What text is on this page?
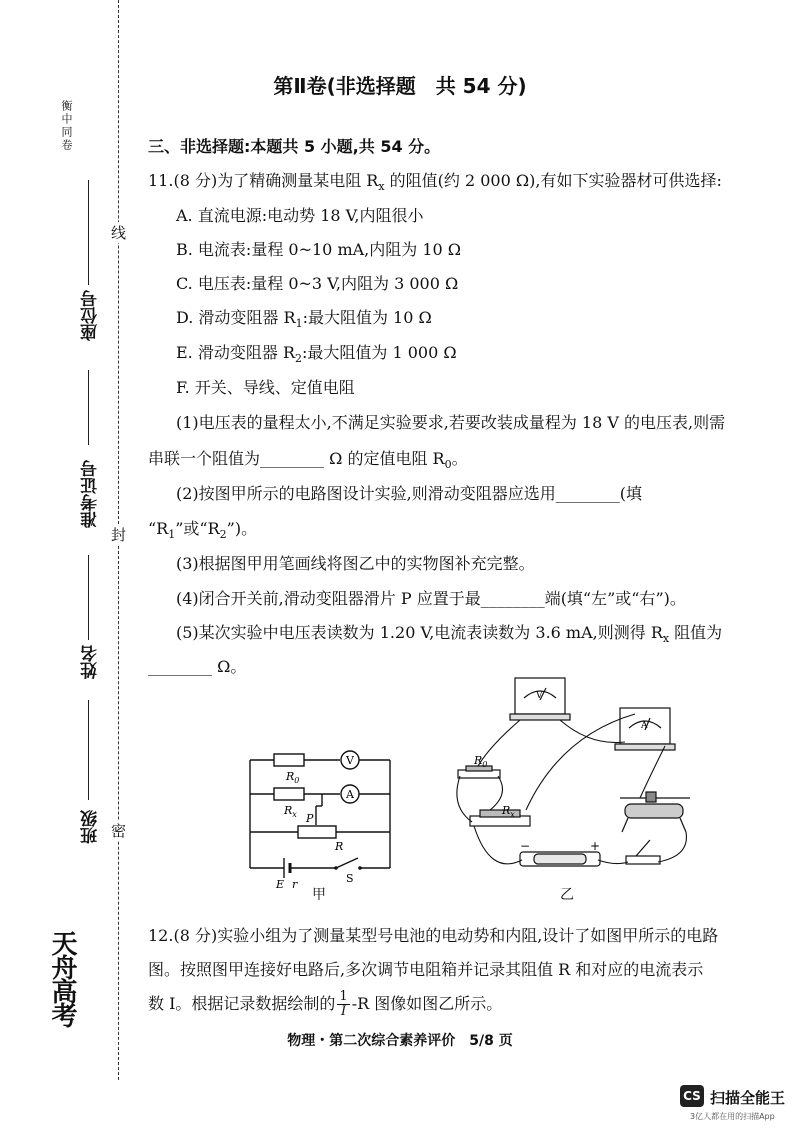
衡中同卷
线
封
密
座位号
准考证号
姓名
班级
天舟高考
第Ⅱ卷(非选择题　共 54 分)
三、非选择题:本题共 5 小题,共 54 分。
11.(8 分)为了精确测量某电阻 $R_x$ 的阻值(约 2 000 Ω),有如下实验器材可供选择:
A. 直流电源:电动势 18 V,内阻很小
B. 电流表:量程 0~10 mA,内阻为 10 Ω
C. 电压表:量程 0~3 V,内阻为 3 000 Ω
D. 滑动变阻器 $R_1$:最大阻值为 10 Ω
E. 滑动变阻器 $R_2$:最大阻值为 1 000 Ω
F. 开关、导线、定值电阻
(1)电压表的量程太小,不满足实验要求,若要改装成量程为 18 V 的电压表,则需
串联一个阻值为________ Ω 的定值电阻 $R_0$。
(2)按图甲所示的电路图设计实验,则滑动变阻器应选用________(填
“$R_1$”或“$R_2$”)。
(3)根据图甲用笔画线将图乙中的实物图补充完整。
(4)闭合开关前,滑动变阻器滑片 P 应置于最________端(填“左”或“右”)。
(5)某次实验中电压表读数为 1.20 V,电流表读数为 3.6 mA,则测得 $R_x$ 阻值为
________ Ω。
$R_0$
V
$R_x$
A
P
R
E r	S
甲
V
A
$R_0$
$R_x$
−	+
乙
12.(8 分)实验小组为了测量某型号电池的电动势和内阻,设计了如图甲所示的电路
图。按照图甲连接好电路后,多次调节电阻箱并记录其阻值 R 和对应的电流表示
数 I。根据记录数据绘制的 $\frac{1}{I} -R$ 图像如图乙所示。
物理・第二次综合素养评价　5/8 页
CS 扫描全能王
3亿人都在用的扫描App
